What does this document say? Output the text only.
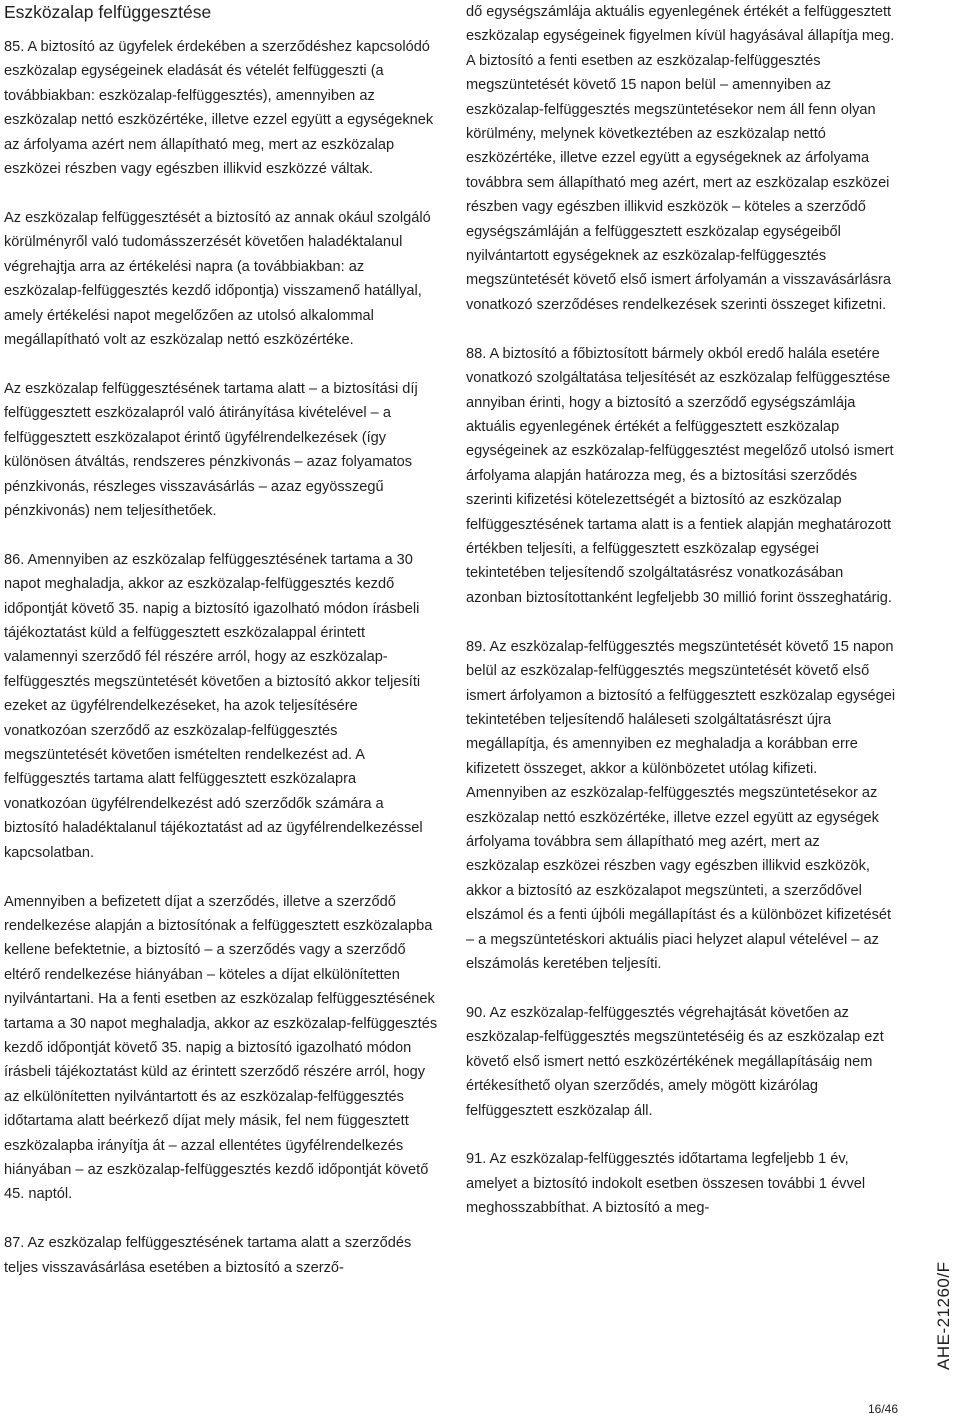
Eszközalap felfüggesztése

85. A biztosító az ügyfelek érdekében a szerződéshez kapcsolódó eszközalap egységeinek eladását és vételét felfüggeszti (a továbbiakban: eszközalap-felfüggesztés), amennyiben az eszközalap nettó eszközértéke, illetve ezzel együtt a egységeknek az árfolyama azért nem állapítható meg, mert az eszközalap eszközei részben vagy egészben illikvid eszközzé váltak.

Az eszközalap felfüggesztését a biztosító az annak okául szolgáló körülményről való tudomásszerzését követően haladéktalanul végrehajtja arra az értékelési napra (a továbbiakban: az eszközalap-felfüggesztés kezdő időpontja) visszamenő hatállyal, amely értékelési napot megelőzően az utolsó alkalommal megállapítható volt az eszközalap nettó eszközértéke.

Az eszközalap felfüggesztésének tartama alatt – a biztosítási díj felfüggesztett eszközalapról való átirányítása kivételével – a felfüggesztett eszközalapot érintő ügyfélrendelkezések (így különösen átváltás, rendszeres pénzkivonás – azaz folyamatos pénzkivonás, részleges visszavásárlás – azaz egyösszegű pénzkivonás) nem teljesíthetőek.

86. Amennyiben az eszközalap felfüggesztésének tartama a 30 napot meghaladja, akkor az eszközalap-felfüggesztés kezdő időpontját követő 35. napig a biztosító igazolható módon írásbeli tájékoztatást küld a felfüggesztett eszközalappal érintett valamennyi szerződő fél részére arról, hogy az eszközalap-felfüggesztés megszüntetését követően a biztosító akkor teljesíti ezeket az ügyfélrendelkezéseket, ha azok teljesítésére vonatkozóan szerződő az eszközalap-felfüggesztés megszüntetését követően ismételten rendelkezést ad. A felfüggesztés tartama alatt felfüggesztett eszközalapra vonatkozóan ügyfélrendelkezést adó szerződők számára a biztosító haladéktalanul tájékoztatást ad az ügyfélrendelkezéssel kapcsolatban.

Amennyiben a befizetett díjat a szerződés, illetve a szerződő rendelkezése alapján a biztosítónak a felfüggesztett eszközalapba kellene befektetnie, a biztosító – a szerződés vagy a szerződő eltérő rendelkezése hiányában – köteles a díjat elkülönítetten nyilvántartani. Ha a fenti esetben az eszközalap felfüggesztésének tartama a 30 napot meghaladja, akkor az eszközalap-felfüggesztés kezdő időpontját követő 35. napig a biztosító igazolható módon írásbeli tájékoztatást küld az érintett szerződő részére arról, hogy az elkülönítetten nyilvántartott és az eszközalap-felfüggesztés időtartama alatt beérkező díjat mely másik, fel nem függesztett eszközalapba irányítja át – azzal ellentétes ügyfélrendelkezés hiányában – az eszközalap-felfüggesztés kezdő időpontját követő 45. naptól.

87. Az eszközalap felfüggesztésének tartama alatt a szerződés teljes visszavásárlása esetében a biztosító a szerző-

dő egységszámlája aktuális egyenlegének értékét a felfüggesztett eszközalap egységeinek figyelmen kívül hagyásával állapítja meg.

A biztosító a fenti esetben az eszközalap-felfüggesztés megszüntetését követő 15 napon belül – amennyiben az eszközalap-felfüggesztés megszüntetésekor nem áll fenn olyan körülmény, melynek következtében az eszközalap nettó eszközértéke, illetve ezzel együtt a egységeknek az árfolyama továbbra sem állapítható meg azért, mert az eszközalap eszközei részben vagy egészben illikvid eszközök – köteles a szerződő egységszámláján a felfüggesztett eszközalap egységeiből nyilvántartott egységeknek az eszközalap-felfüggesztés megszüntetését követő első ismert árfolyamán a visszavásárlásra vonatkozó szerződéses rendelkezések szerinti összeget kifizetni.

88. A biztosító a főbiztosított bármely okból eredő halála esetére vonatkozó szolgáltatása teljesítését az eszközalap felfüggesztése annyiban érinti, hogy a biztosító a szerződő egységszámlája aktuális egyenlegének értékét a felfüggesztett eszközalap egységeinek az eszközalap-felfüggesztést megelőző utolsó ismert árfolyama alapján határozza meg, és a biztosítási szerződés szerinti kifizetési kötelezettségét a biztosító az eszközalap felfüggesztésének tartama alatt is a fentiek alapján meghatározott értékben teljesíti, a felfüggesztett eszközalap egységei tekintetében teljesítendő szolgáltatásrész vonatkozásában azonban biztosítottanként legfeljebb 30 millió forint összeghatárig.

89. Az eszközalap-felfüggesztés megszüntetését követő 15 napon belül az eszközalap-felfüggesztés megszüntetését követő első ismert árfolyamon a biztosító a felfüggesztett eszközalap egységei tekintetében teljesítendő haláleseti szolgáltatásrészt újra megállapítja, és amennyiben ez meghaladja a korábban erre kifizetett összeget, akkor a különbözetet utólag kifizeti.

Amennyiben az eszközalap-felfüggesztés megszüntetésekor az eszközalap nettó eszközértéke, illetve ezzel együtt az egységek árfolyama továbbra sem állapítható meg azért, mert az eszközalap eszközei részben vagy egészben illikvid eszközök, akkor a biztosító az eszközalapot megszünteti, a szerződővel elszámol és a fenti újbóli megállapítást és a különbözet kifizetését – a megszüntetéskori aktuális piaci helyzet alapul vételével – az elszámolás keretében teljesíti.

90. Az eszközalap-felfüggesztés végrehajtását követően az eszközalap-felfüggesztés megszüntetéséig és az eszközalap ezt követő első ismert nettó eszközértékének megállapításáig nem értékesíthető olyan szerződés, amely mögött kizárólag felfüggesztett eszközalap áll.

91. Az eszközalap-felfüggesztés időtartama legfeljebb 1 év, amelyet a biztosító indokolt esetben összesen további 1 évvel meghosszabbíthat. A biztosító a meg-

AHE-21260/F
16/46
